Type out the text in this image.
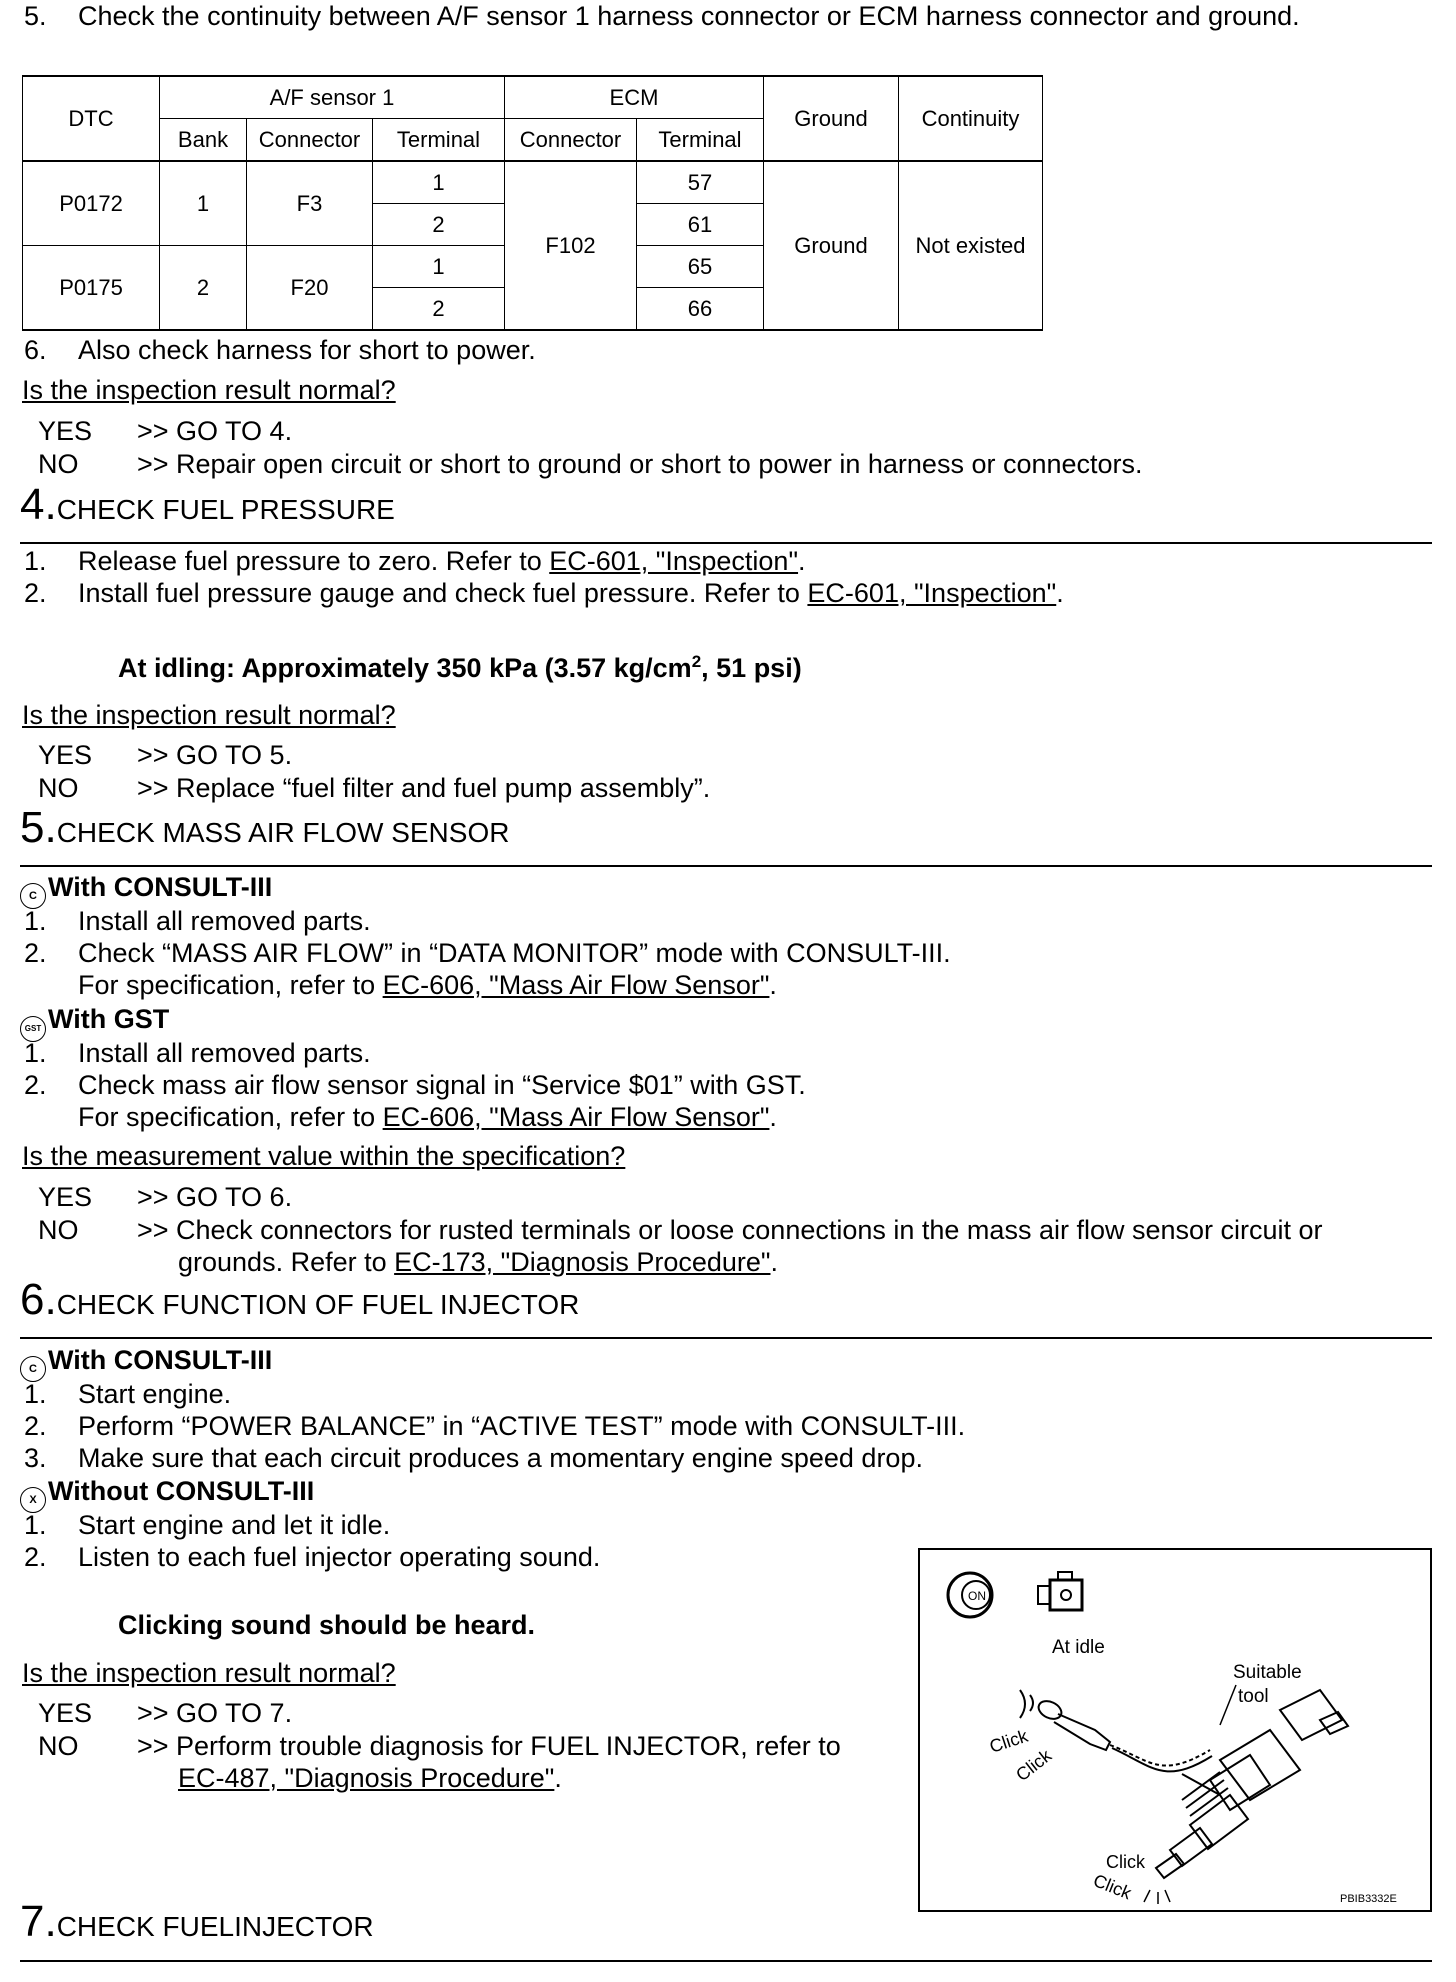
5. Check the continuity between A/F sensor 1 harness connector or ECM harness connector and ground.
DTC	A/F sensor 1			ECM		Ground	Continuity
	Bank	Connector	Terminal	Connector	Terminal		
P0172	1	F3	1	F102	57	Ground	Not existed
			2		61		
P0175	2	F20	1		65		
			2		66		
6. Also check harness for short to power.
Is the inspection result normal?
YES >> GO TO 4.
NO >> Repair open circuit or short to ground or short to power in harness or connectors.
4.CHECK FUEL PRESSURE
1. Release fuel pressure to zero. Refer to EC-601, "Inspection".
2. Install fuel pressure gauge and check fuel pressure. Refer to EC-601, "Inspection".
At idling: Approximately 350 kPa (3.57 $kg/cm^2$, 51 psi)
Is the inspection result normal?
YES >> GO TO 5.
NO >> Replace “fuel filter and fuel pump assembly”.
5.CHECK MASS AIR FLOW SENSOR
C With CONSULT-III
1. Install all removed parts.
2. Check “MASS AIR FLOW” in “DATA MONITOR” mode with CONSULT-III.
For specification, refer to EC-606, "Mass Air Flow Sensor".
GST With GST
1. Install all removed parts.
2. Check mass air flow sensor signal in “Service $01” with GST.
For specification, refer to EC-606, "Mass Air Flow Sensor".
Is the measurement value within the specification?
YES >> GO TO 6.
NO >> Check connectors for rusted terminals or loose connections in the mass air flow sensor circuit or
grounds. Refer to EC-173, "Diagnosis Procedure".
6.CHECK FUNCTION OF FUEL INJECTOR
C With CONSULT-III
1. Start engine.
2. Perform “POWER BALANCE” in “ACTIVE TEST” mode with CONSULT-III.
3. Make sure that each circuit produces a momentary engine speed drop.
X Without CONSULT-III
1. Start engine and let it idle.
2. Listen to each fuel injector operating sound.
Clicking sound should be heard.
Is the inspection result normal?
YES >> GO TO 7.
NO >> Perform trouble diagnosis for FUEL INJECTOR, refer to
EC-487, "Diagnosis Procedure".
ON
At idle
Suitable
tool
Click
Click
Click
Click	PBIB3332E
7.CHECK FUELINJECTOR
